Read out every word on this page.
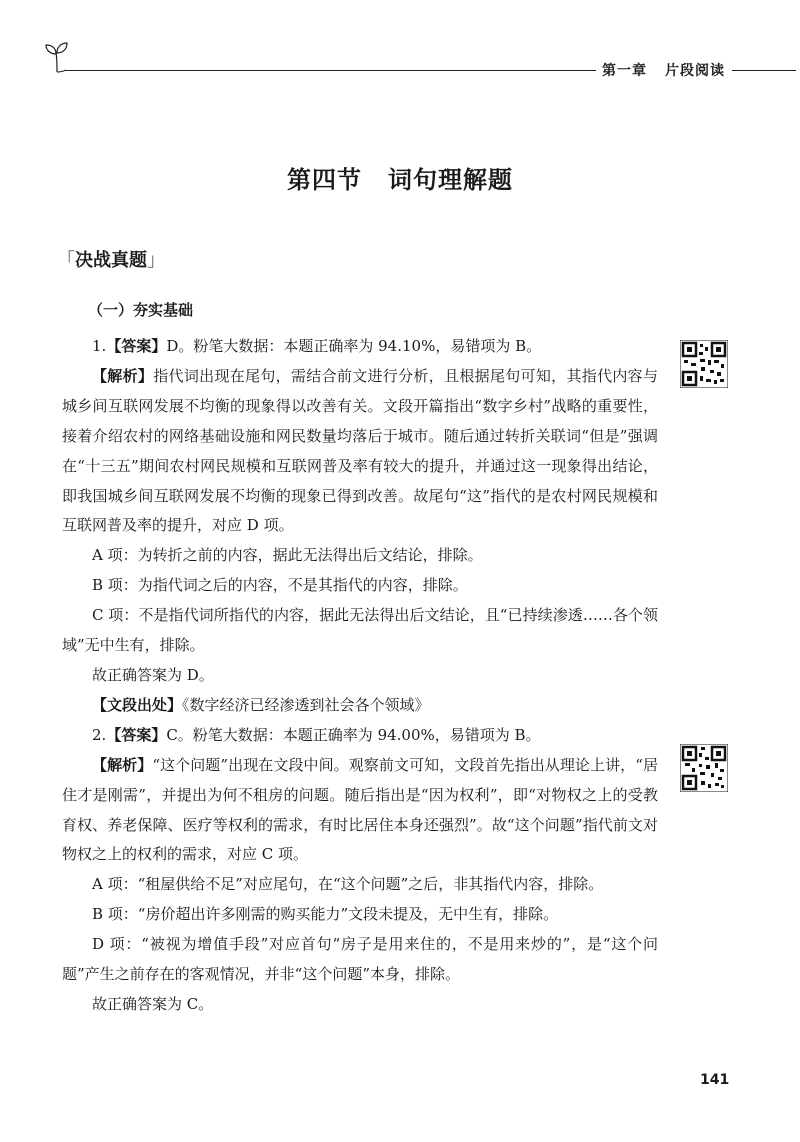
第一章 片段阅读
第四节 词句理解题
「决战真题」
（一）夯实基础

1.【答案】D。粉笔大数据：本题正确率为 94.10%，易错项为 B。

【解析】指代词出现在尾句，需结合前文进行分析，且根据尾句可知，其指代内容与城乡间互联网发展不均衡的现象得以改善有关。文段开篇指出“数字乡村”战略的重要性，接着介绍农村的网络基础设施和网民数量均落后于城市。随后通过转折关联词“但是”强调在“十三五”期间农村网民规模和互联网普及率有较大的提升，并通过这一现象得出结论，即我国城乡间互联网发展不均衡的现象已得到改善。故尾句“这”指代的是农村网民规模和互联网普及率的提升，对应 D 项。

A 项：为转折之前的内容，据此无法得出后文结论，排除。

B 项：为指代词之后的内容，不是其指代的内容，排除。

C 项：不是指代词所指代的内容，据此无法得出后文结论，且“已持续渗透……各个领域”无中生有，排除。

故正确答案为 D。

【文段出处】《数字经济已经渗透到社会各个领域》

2.【答案】C。粉笔大数据：本题正确率为 94.00%，易错项为 B。

【解析】“这个问题”出现在文段中间。观察前文可知，文段首先指出从理论上讲，“居住才是刚需”，并提出为何不租房的问题。随后指出是“因为权利”，即“对物权之上的受教育权、养老保障、医疗等权利的需求，有时比居住本身还强烈”。故“这个问题”指代前文对物权之上的权利的需求，对应 C 项。

A 项：“租屋供给不足”对应尾句，在“这个问题”之后，非其指代内容，排除。

B 项：“房价超出许多刚需的购买能力”文段未提及，无中生有，排除。

D 项：“被视为增值手段”对应首句“房子是用来住的，不是用来炒的”，是“这个问题”产生之前存在的客观情况，并非“这个问题”本身，排除。

故正确答案为 C。

141
